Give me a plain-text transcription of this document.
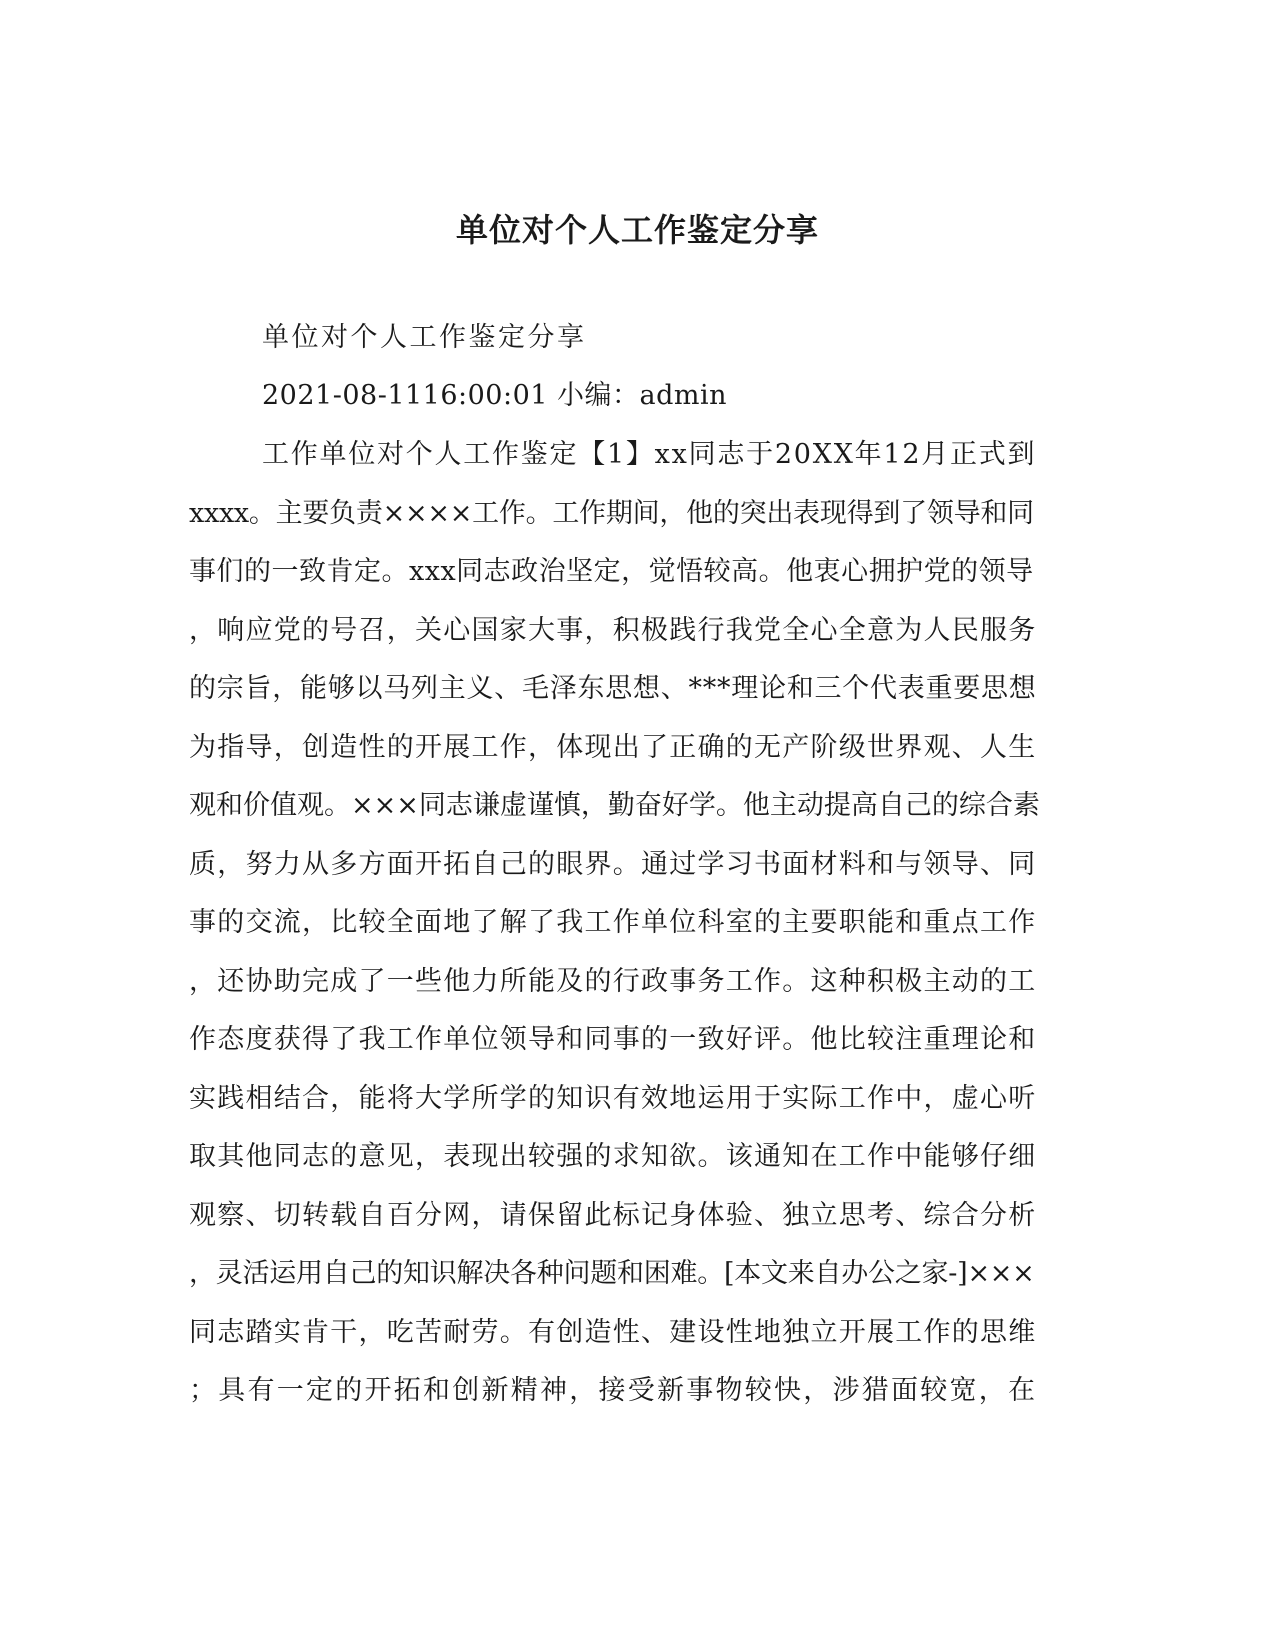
单位对个人工作鉴定分享

单位对个人工作鉴定分享

2021-08-1116:00:01 小编：admin

工作单位对个人工作鉴定【1】xx同志于20XX年12月正式到

xxxx。主要负责××××工作。工作期间，他的突出表现得到了领导和同

事们的一致肯定。xxx同志政治坚定，觉悟较高。他衷心拥护党的领导

，响应党的号召，关心国家大事，积极践行我党全心全意为人民服务

的宗旨，能够以马列主义、毛泽东思想、***理论和三个代表重要思想

为指导，创造性的开展工作，体现出了正确的无产阶级世界观、人生

观和价值观。×××同志谦虚谨慎，勤奋好学。他主动提高自己的综合素

质，努力从多方面开拓自己的眼界。通过学习书面材料和与领导、同

事的交流，比较全面地了解了我工作单位科室的主要职能和重点工作

，还协助完成了一些他力所能及的行政事务工作。这种积极主动的工

作态度获得了我工作单位领导和同事的一致好评。他比较注重理论和

实践相结合，能将大学所学的知识有效地运用于实际工作中，虚心听

取其他同志的意见，表现出较强的求知欲。该通知在工作中能够仔细

观察、切转载自百分网，请保留此标记身体验、独立思考、综合分析

，灵活运用自己的知识解决各种问题和困难。[本文来自办公之家-]×××

同志踏实肯干，吃苦耐劳。有创造性、建设性地独立开展工作的思维

；具有一定的开拓和创新精神，接受新事物较快，涉猎面较宽，在
